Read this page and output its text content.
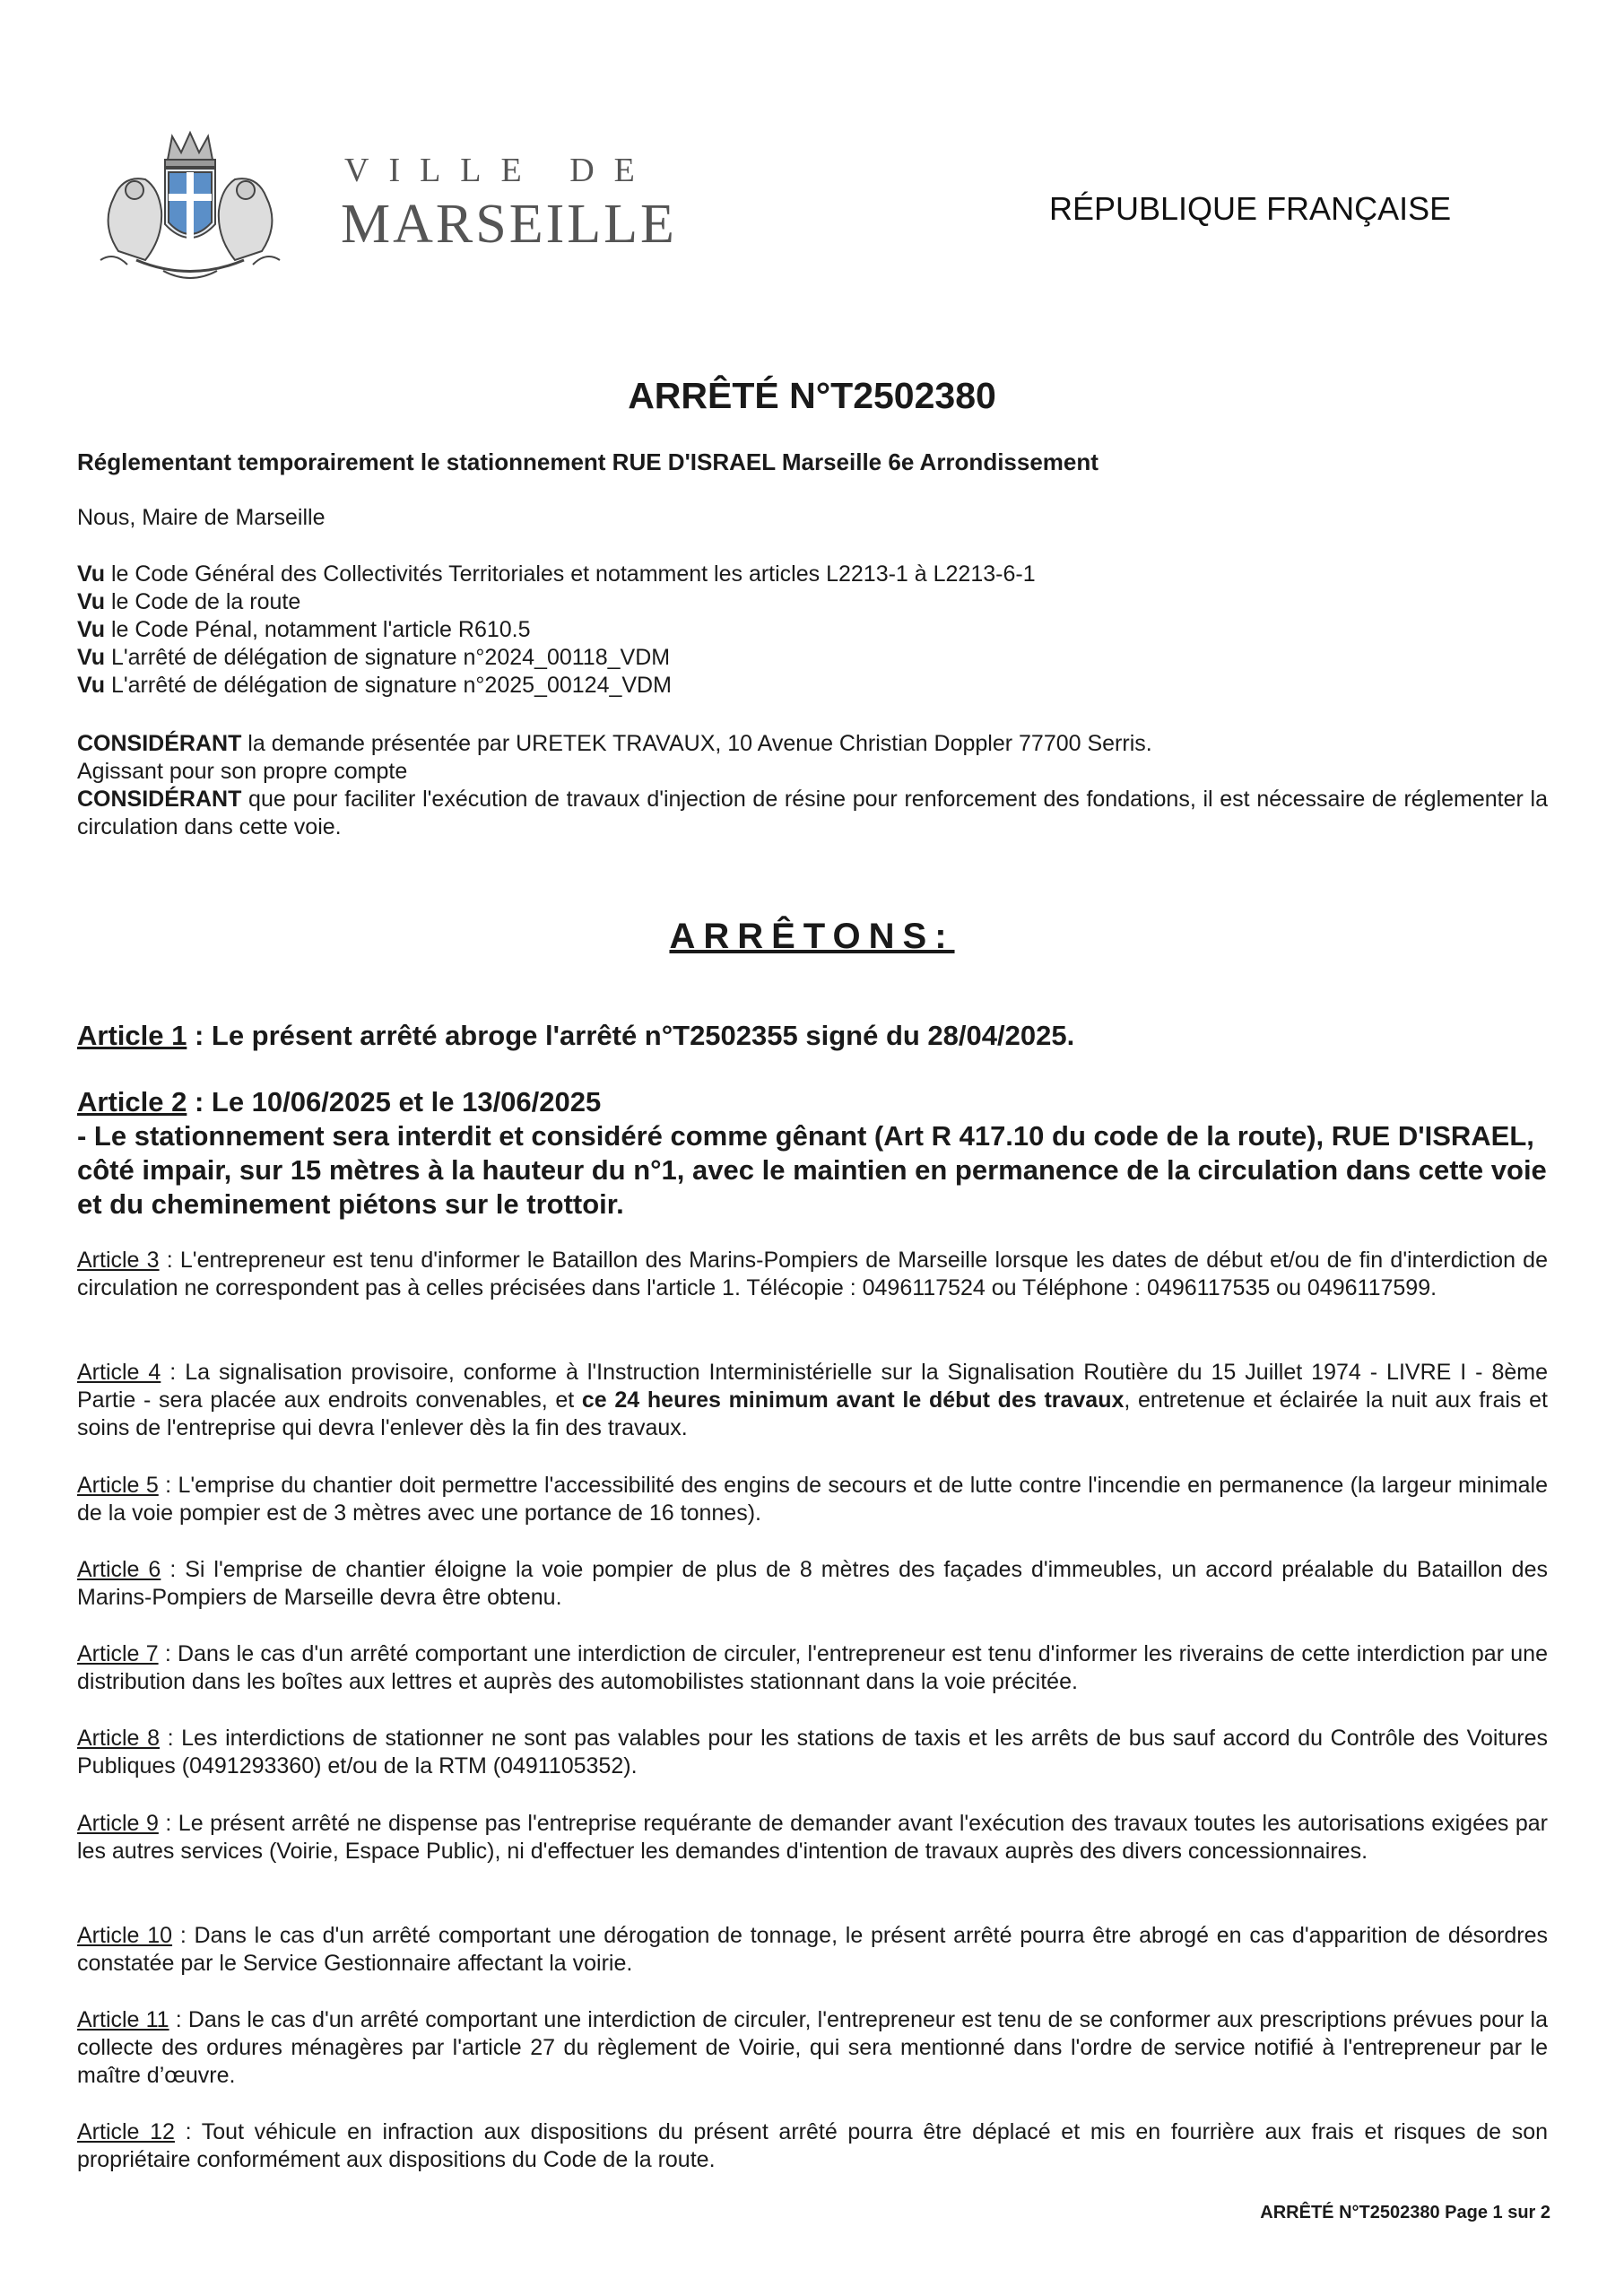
VILLE DE
MARSEILLE	RÉPUBLIQUE FRANÇAISE
ARRÊTÉ N°T2502380
Réglementant temporairement le stationnement RUE D'ISRAEL Marseille 6e Arrondissement
Nous, Maire de Marseille
Vu le Code Général des Collectivités Territoriales et notamment les articles L2213-1 à L2213-6-1
Vu le Code de la route
Vu le Code Pénal, notamment l'article R610.5
Vu L'arrêté de délégation de signature n°2024_00118_VDM
Vu L'arrêté de délégation de signature n°2025_00124_VDM
CONSIDÉRANT la demande présentée par URETEK TRAVAUX, 10 Avenue Christian Doppler 77700 Serris.
Agissant pour son propre compte
CONSIDÉRANT que pour faciliter l'exécution de travaux d'injection de résine pour renforcement des fondations, il est nécessaire de réglementer la circulation dans cette voie.
ARRÊTONS:
Article 1 : Le présent arrêté abroge l'arrêté n°T2502355 signé du 28/04/2025.
Article 2 : Le 10/06/2025 et le 13/06/2025
- Le stationnement sera interdit et considéré comme gênant (Art R 417.10 du code de la route), RUE D'ISRAEL, côté impair, sur 15 mètres à la hauteur du n°1, avec le maintien en permanence de la circulation dans cette voie et du cheminement piétons sur le trottoir.
Article 3 : L'entrepreneur est tenu d'informer le Bataillon des Marins-Pompiers de Marseille lorsque les dates de début et/ou de fin d'interdiction de circulation ne correspondent pas à celles précisées dans l'article 1. Télécopie : 0496117524 ou Téléphone : 0496117535 ou 0496117599.
Article 4 : La signalisation provisoire, conforme à l'Instruction Interministérielle sur la Signalisation Routière du 15 Juillet 1974 - LIVRE I - 8ème Partie - sera placée aux endroits convenables, et ce 24 heures minimum avant le début des travaux, entretenue et éclairée la nuit aux frais et soins de l'entreprise qui devra l'enlever dès la fin des travaux.
Article 5 : L'emprise du chantier doit permettre l'accessibilité des engins de secours et de lutte contre l'incendie en permanence (la largeur minimale de la voie pompier est de 3 mètres avec une portance de 16 tonnes).
Article 6 : Si l'emprise de chantier éloigne la voie pompier de plus de 8 mètres des façades d'immeubles, un accord préalable du Bataillon des Marins-Pompiers de Marseille devra être obtenu.
Article 7 : Dans le cas d'un arrêté comportant une interdiction de circuler, l'entrepreneur est tenu d'informer les riverains de cette interdiction par une distribution dans les boîtes aux lettres et auprès des automobilistes stationnant dans la voie précitée.
Article 8 : Les interdictions de stationner ne sont pas valables pour les stations de taxis et les arrêts de bus sauf accord du Contrôle des Voitures Publiques (0491293360) et/ou de la RTM (0491105352).
Article 9 : Le présent arrêté ne dispense pas l'entreprise requérante de demander avant l'exécution des travaux toutes les autorisations exigées par les autres services (Voirie, Espace Public), ni d'effectuer les demandes d'intention de travaux auprès des divers concessionnaires.
Article 10 : Dans le cas d'un arrêté comportant une dérogation de tonnage, le présent arrêté pourra être abrogé en cas d'apparition de désordres constatée par le Service Gestionnaire affectant la voirie.
Article 11 : Dans le cas d'un arrêté comportant une interdiction de circuler, l'entrepreneur est tenu de se conformer aux prescriptions prévues pour la collecte des ordures ménagères par l'article 27 du règlement de Voirie, qui sera mentionné dans l'ordre de service notifié à l'entrepreneur par le maître d’œuvre.
Article 12 : Tout véhicule en infraction aux dispositions du présent arrêté pourra être déplacé et mis en fourrière aux frais et risques de son propriétaire conformément aux dispositions du Code de la route.
ARRÊTÉ N°T2502380 Page 1 sur 2
